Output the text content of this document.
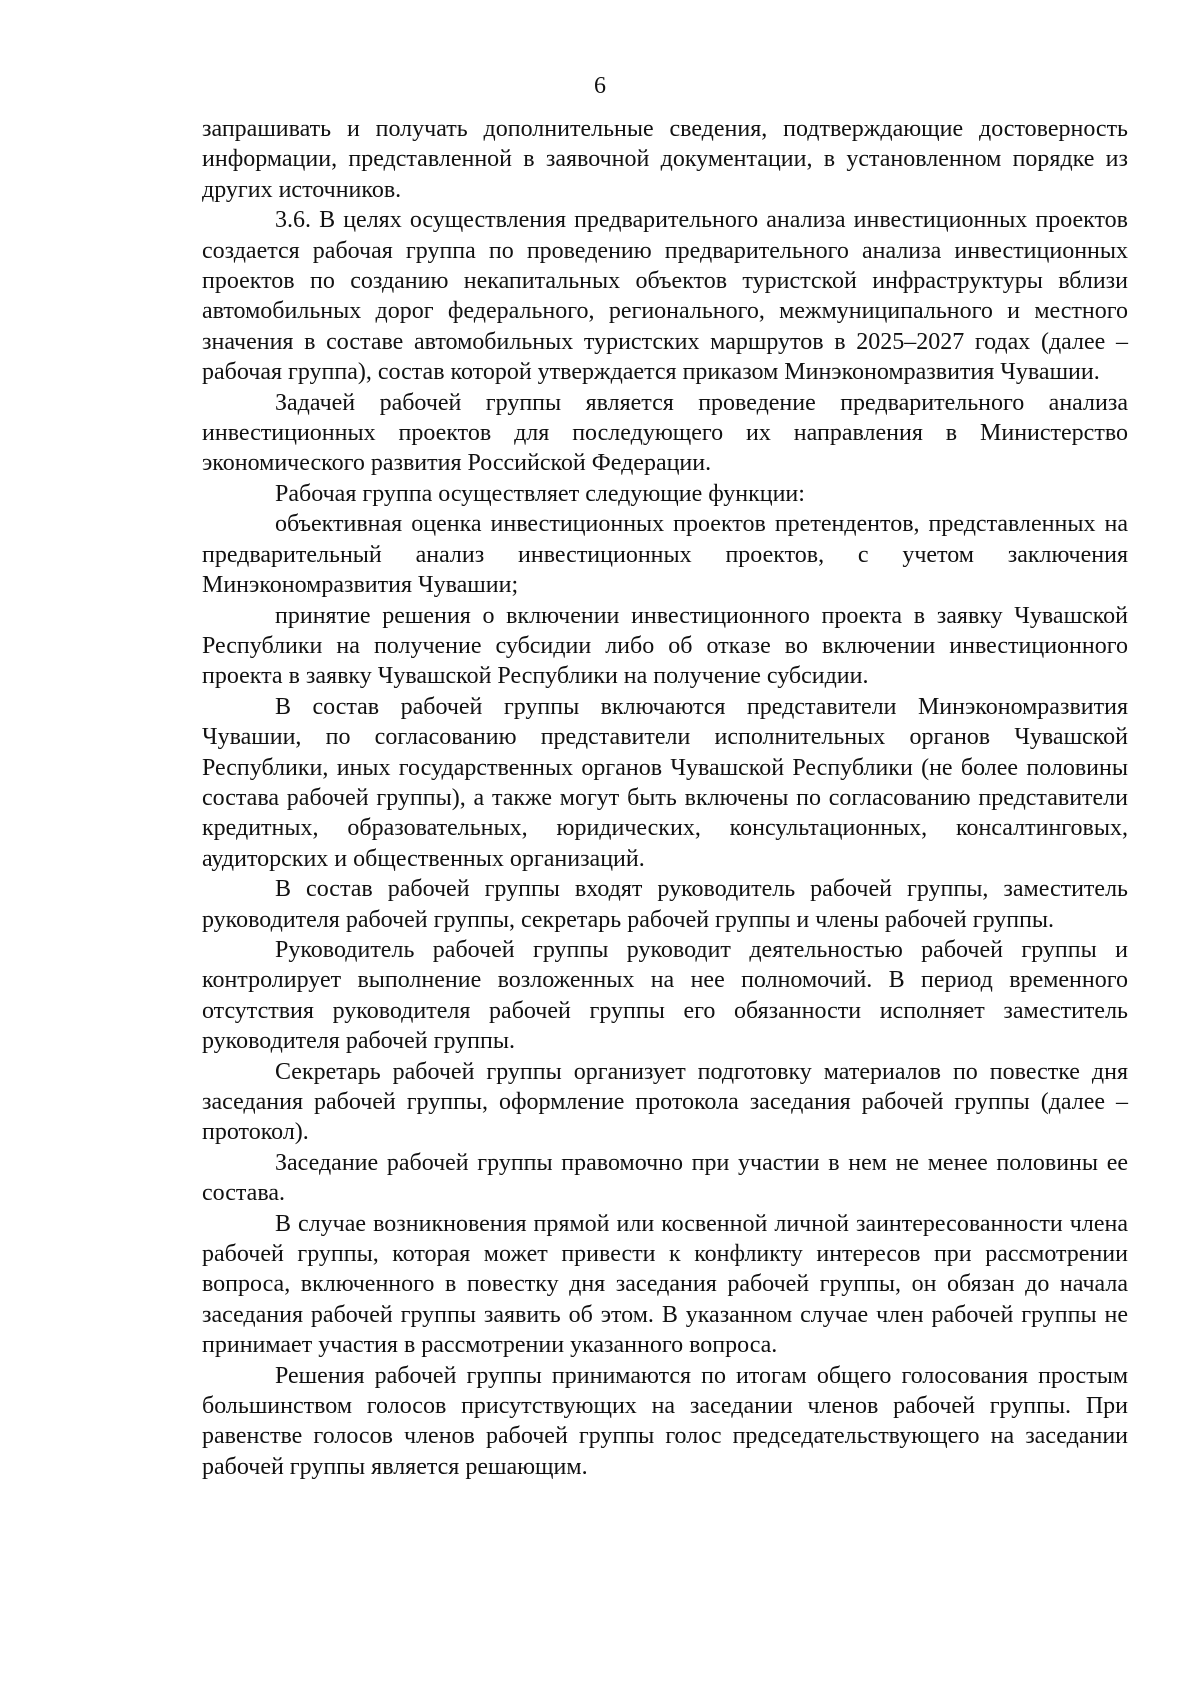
6

запрашивать и получать дополнительные сведения, подтверждающие достоверность информации, представленной в заявочной документации, в установленном порядке из других источников.

3.6. В целях осуществления предварительного анализа инвестиционных проектов создается рабочая группа по проведению предварительного анализа инвестиционных проектов по созданию некапитальных объектов туристской инфраструктуры вблизи автомобильных дорог федерального, регионального, межмуниципального и местного значения в составе автомобильных туристских маршрутов в 2025–2027 годах (далее – рабочая группа), состав которой утверждается приказом Минэкономразвития Чувашии.

Задачей рабочей группы является проведение предварительного анализа инвестиционных проектов для последующего их направления в Министерство экономического развития Российской Федерации.

Рабочая группа осуществляет следующие функции:

объективная оценка инвестиционных проектов претендентов, представленных на предварительный анализ инвестиционных проектов, с учетом заключения Минэкономразвития Чувашии;

принятие решения о включении инвестиционного проекта в заявку Чувашской Республики на получение субсидии либо об отказе во включении инвестиционного проекта в заявку Чувашской Республики на получение субсидии.

В состав рабочей группы включаются представители Минэкономразвития Чувашии, по согласованию представители исполнительных органов Чувашской Республики, иных государственных органов Чувашской Республики (не более половины состава рабочей группы), а также могут быть включены по согласованию представители кредитных, образовательных, юридических, консультационных, консалтинговых, аудиторских и общественных организаций.

В состав рабочей группы входят руководитель рабочей группы, заместитель руководителя рабочей группы, секретарь рабочей группы и члены рабочей группы.

Руководитель рабочей группы руководит деятельностью рабочей группы и контролирует выполнение возложенных на нее полномочий. В период временного отсутствия руководителя рабочей группы его обязанности исполняет заместитель руководителя рабочей группы.

Секретарь рабочей группы организует подготовку материалов по повестке дня заседания рабочей группы, оформление протокола заседания рабочей группы (далее – протокол).

Заседание рабочей группы правомочно при участии в нем не менее половины ее состава.

В случае возникновения прямой или косвенной личной заинтересованности члена рабочей группы, которая может привести к конфликту интересов при рассмотрении вопроса, включенного в повестку дня заседания рабочей группы, он обязан до начала заседания рабочей группы заявить об этом. В указанном случае член рабочей группы не принимает участия в рассмотрении указанного вопроса.

Решения рабочей группы принимаются по итогам общего голосования простым большинством голосов присутствующих на заседании членов рабочей группы. При равенстве голосов членов рабочей группы голос председательствующего на заседании рабочей группы является решающим.
